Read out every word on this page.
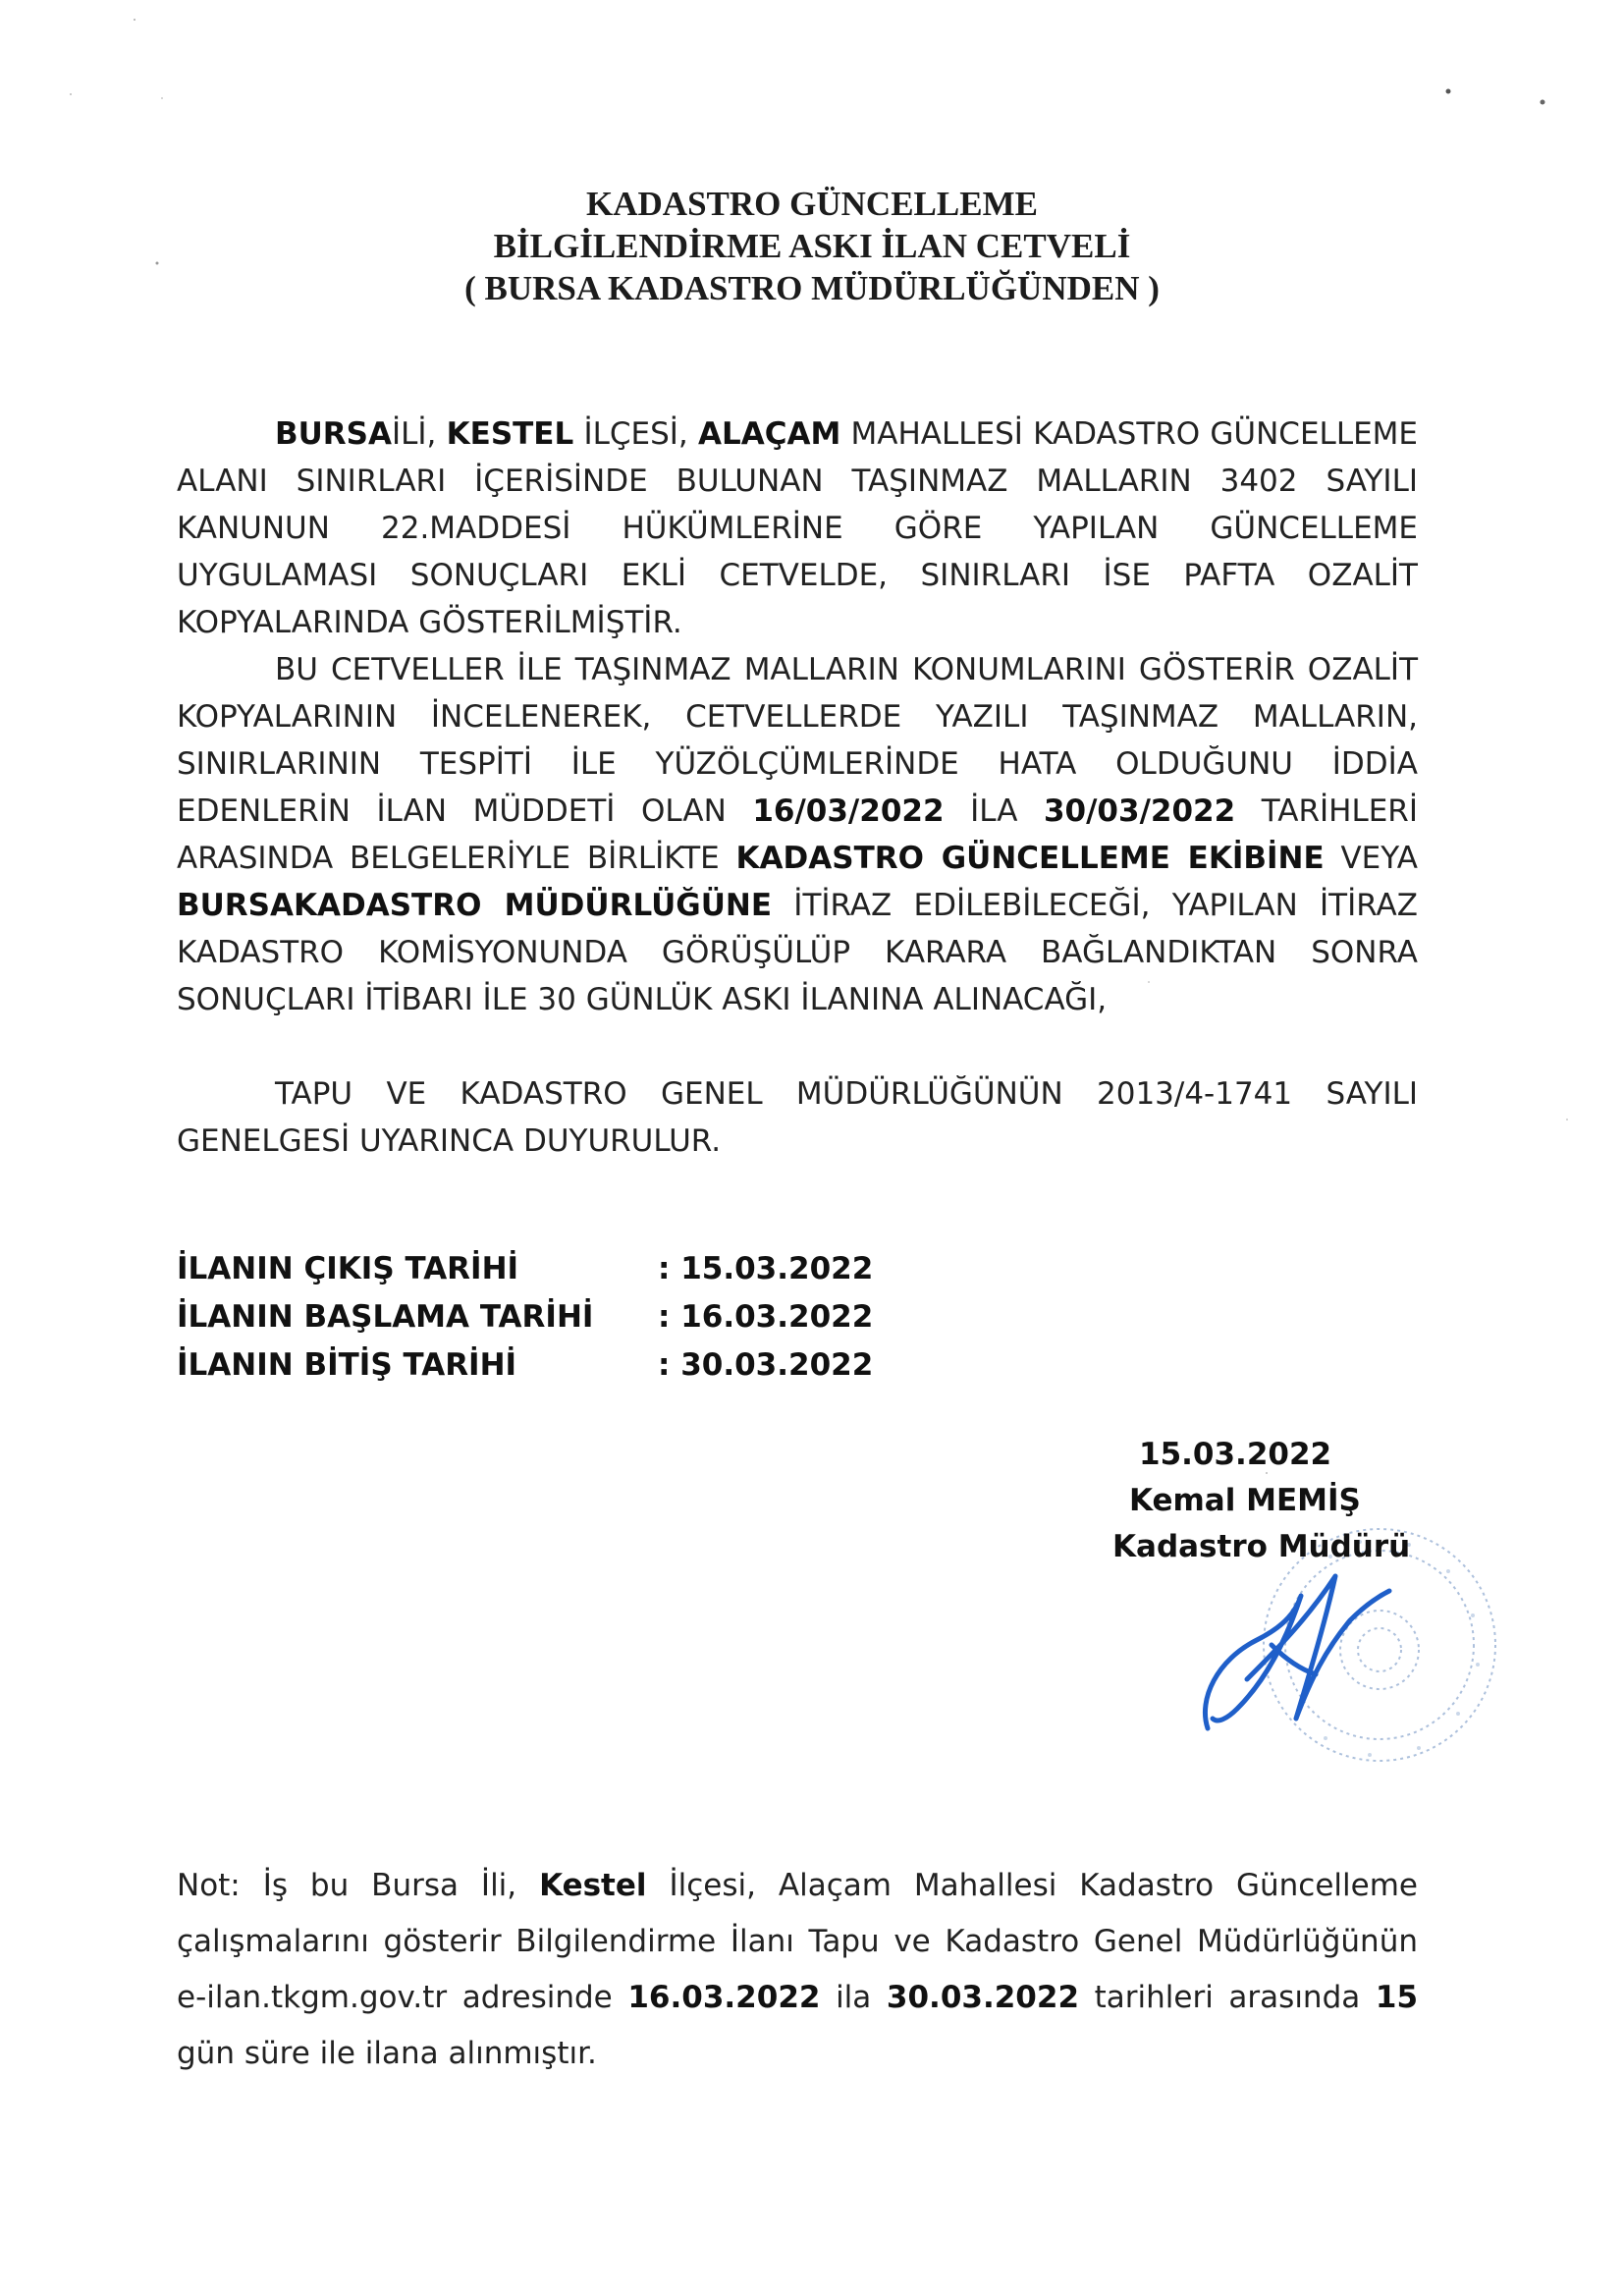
KADASTRO GÜNCELLEME
BİLGİLENDİRME ASKI İLAN CETVELİ
( BURSA KADASTRO MÜDÜRLÜĞÜNDEN )
BURSAİLİ, KESTEL İLÇESİ, ALAÇAM MAHALLESİ KADASTRO GÜNCELLEME ALANI SINIRLARI İÇERİSİNDE BULUNAN TAŞINMAZ MALLARIN 3402 SAYILI KANUNUN 22.MADDESİ HÜKÜMLERİNE GÖRE YAPILAN GÜNCELLEME UYGULAMASI SONUÇLARI EKLİ CETVELDE, SINIRLARI İSE PAFTA OZALİT KOPYALARINDA GÖSTERİLMİŞTİR.
BU CETVELLER İLE TAŞINMAZ MALLARIN KONUMLARINI GÖSTERİR OZALİT KOPYALARININ İNCELENEREK, CETVELLERDE YAZILI TAŞINMAZ MALLARIN, SINIRLARININ TESPİTİ İLE YÜZÖLÇÜMLERİNDE HATA OLDUĞUNU İDDİA EDENLERİN İLAN MÜDDETİ OLAN 16/03/2022 İLA 30/03/2022 TARİHLERİ ARASINDA BELGELERİYLE BİRLİKTE KADASTRO GÜNCELLEME EKİBİNE VEYA BURSAKADASTRO MÜDÜRLÜĞÜNE İTİRAZ EDİLEBİLECEĞİ, YAPILAN İTİRAZ KADASTRO KOMİSYONUNDA GÖRÜŞÜLÜP KARARA BAĞLANDIKTAN SONRA SONUÇLARI İTİBARI İLE 30 GÜNLÜK ASKI İLANINA ALINACAĞI,
TAPU VE KADASTRO GENEL MÜDÜRLÜĞÜNÜN 2013/4-1741 SAYILI GENELGESİ UYARINCA DUYURULUR.
İLANIN ÇIKIŞ TARİHİ	: 15.03.2022
İLANIN BAŞLAMA TARİHİ	: 16.03.2022
İLANIN BİTİŞ TARİHİ	: 30.03.2022
15.03.2022
Kemal MEMİŞ
Kadastro Müdürü
Not: İş bu Bursa İli, Kestel İlçesi, Alaçam Mahallesi Kadastro Güncelleme çalışmalarını gösterir Bilgilendirme İlanı Tapu ve Kadastro Genel Müdürlüğünün e-ilan.tkgm.gov.tr adresinde 16.03.2022 ila 30.03.2022 tarihleri arasında 15 gün süre ile ilana alınmıştır.
